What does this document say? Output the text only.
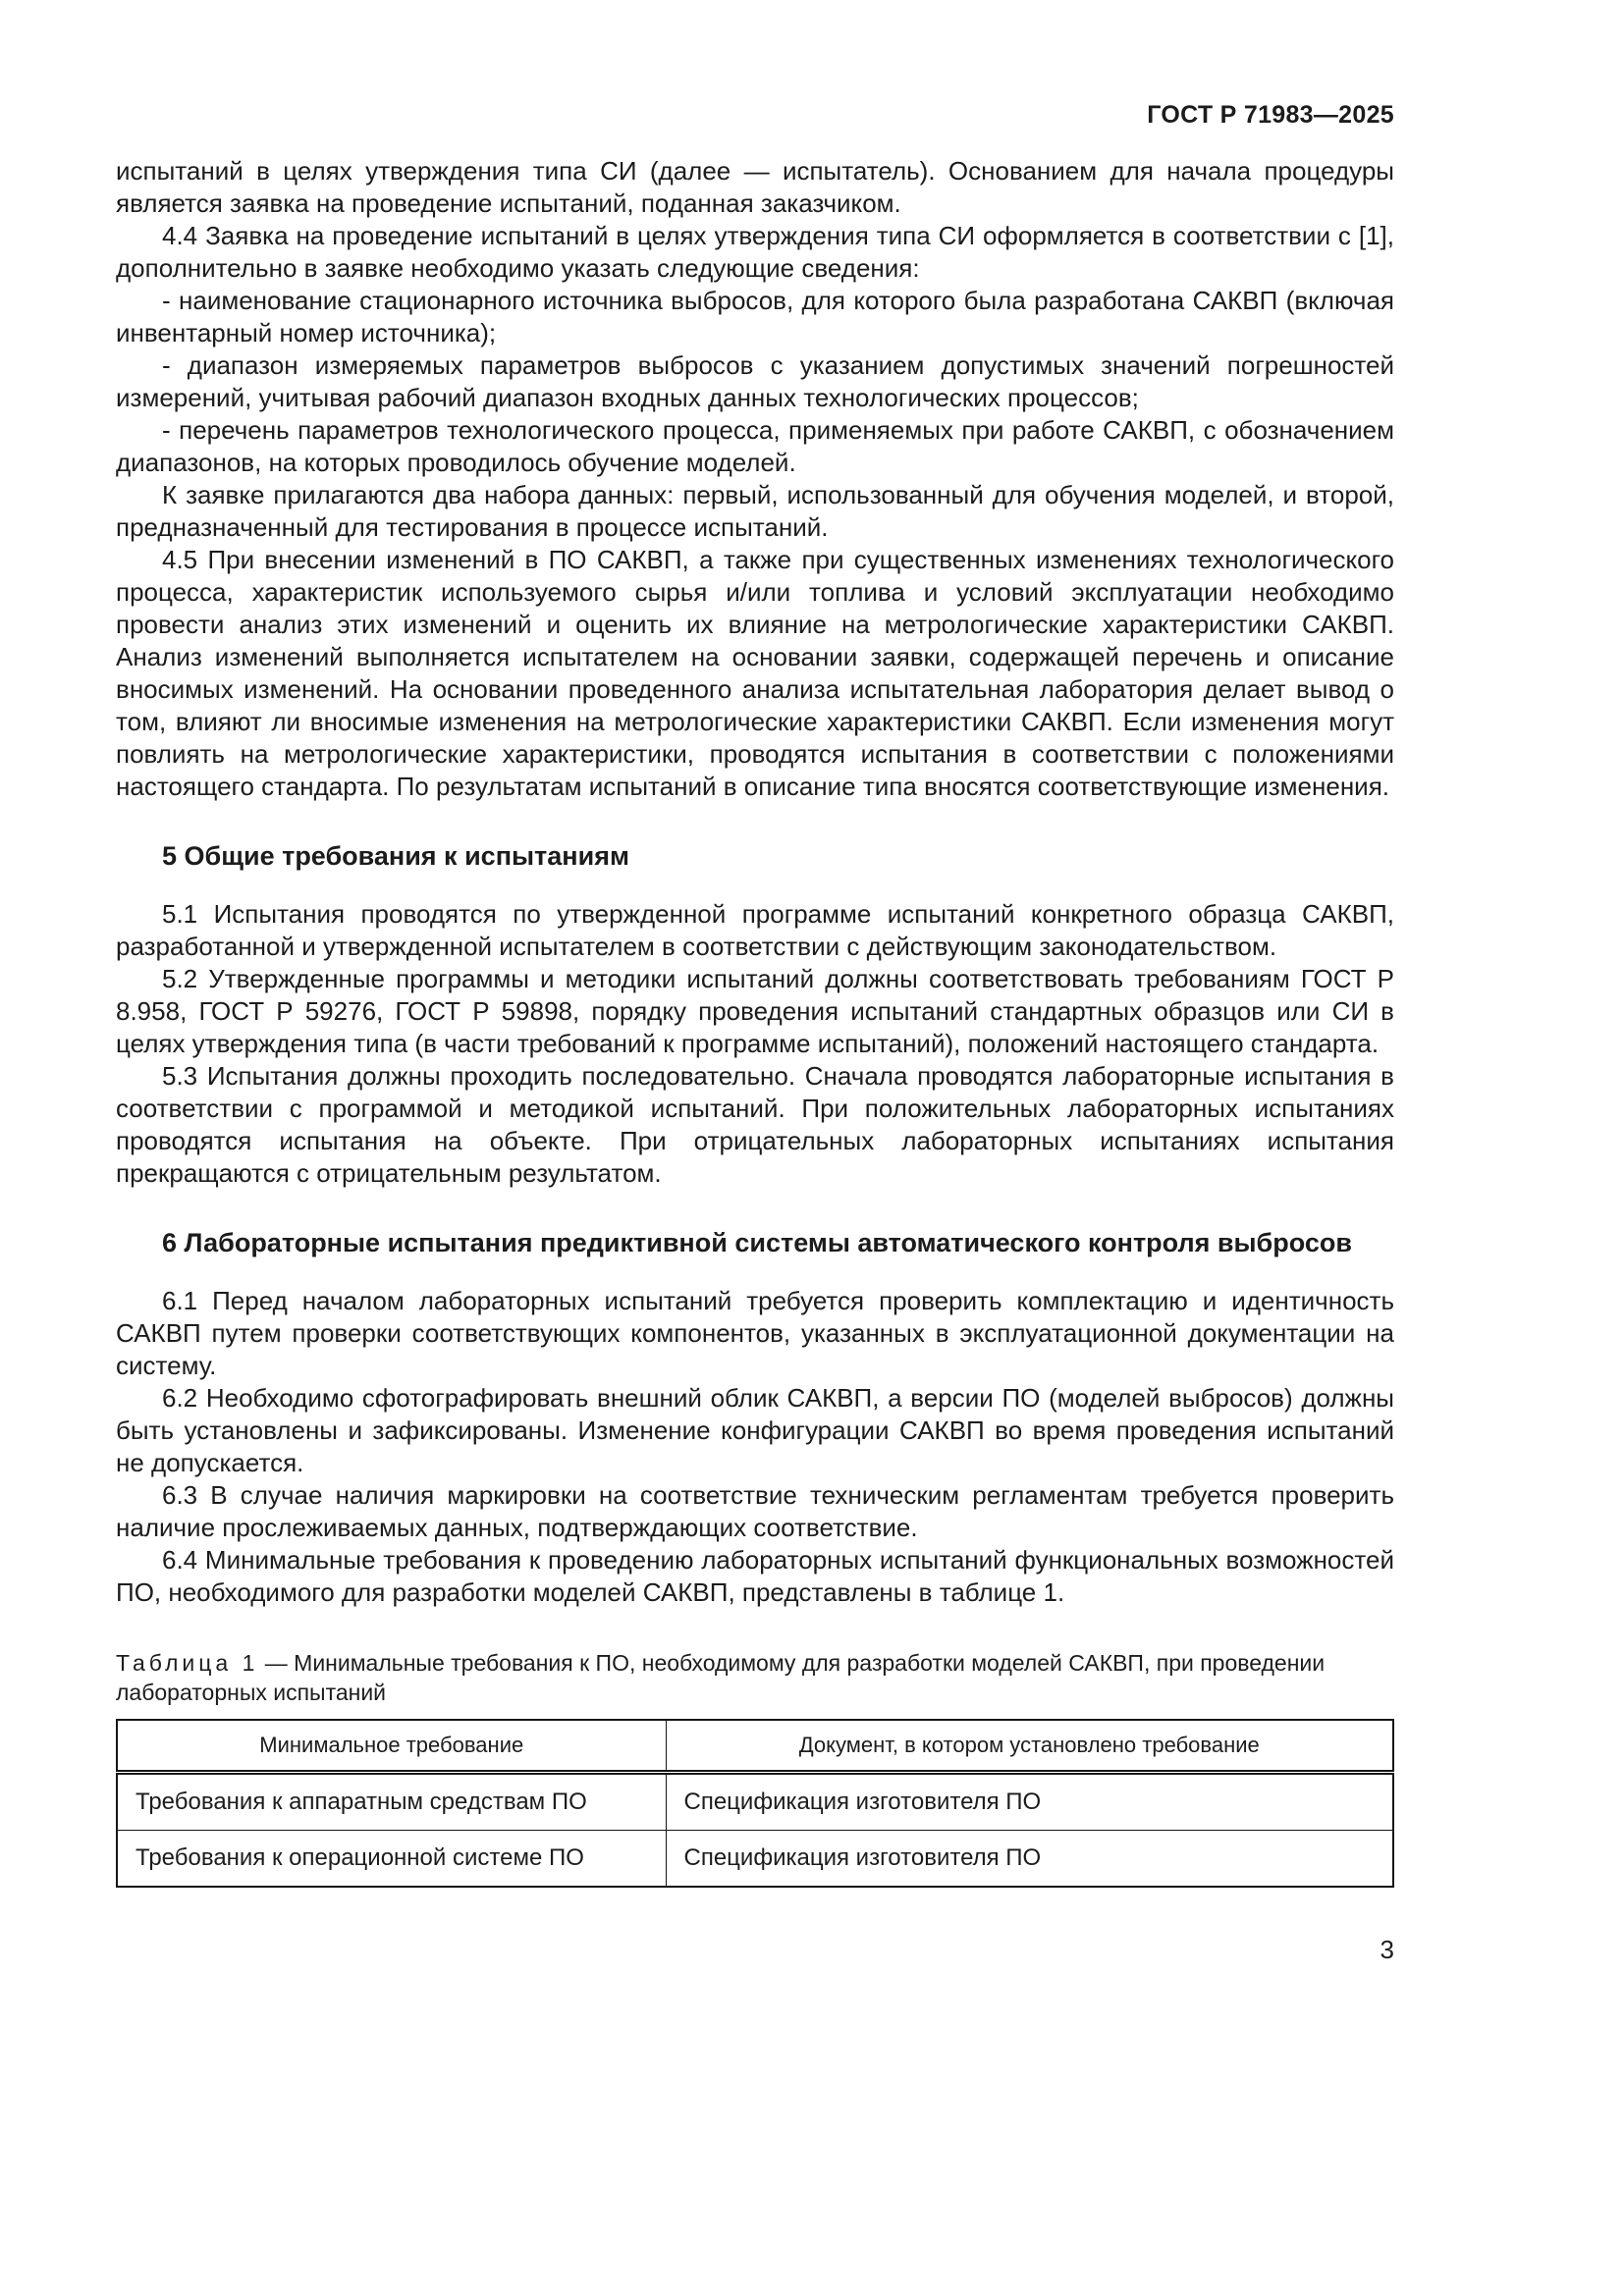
ГОСТ Р 71983—2025

испытаний в целях утверждения типа СИ (далее — испытатель). Основанием для начала процедуры является заявка на проведение испытаний, поданная заказчиком.

4.4 Заявка на проведение испытаний в целях утверждения типа СИ оформляется в соответствии с [1], дополнительно в заявке необходимо указать следующие сведения:

- наименование стационарного источника выбросов, для которого была разработана САКВП (включая инвентарный номер источника);

- диапазон измеряемых параметров выбросов с указанием допустимых значений погрешностей измерений, учитывая рабочий диапазон входных данных технологических процессов;

- перечень параметров технологического процесса, применяемых при работе САКВП, с обозначением диапазонов, на которых проводилось обучение моделей.

К заявке прилагаются два набора данных: первый, использованный для обучения моделей, и второй, предназначенный для тестирования в процессе испытаний.

4.5 При внесении изменений в ПО САКВП, а также при существенных изменениях технологического процесса, характеристик используемого сырья и/или топлива и условий эксплуатации необходимо провести анализ этих изменений и оценить их влияние на метрологические характеристики САКВП. Анализ изменений выполняется испытателем на основании заявки, содержащей перечень и описание вносимых изменений. На основании проведенного анализа испытательная лаборатория делает вывод о том, влияют ли вносимые изменения на метрологические характеристики САКВП. Если изменения могут повлиять на метрологические характеристики, проводятся испытания в соответствии с положениями настоящего стандарта. По результатам испытаний в описание типа вносятся соответствующие изменения.

5 Общие требования к испытаниям

5.1 Испытания проводятся по утвержденной программе испытаний конкретного образца САКВП, разработанной и утвержденной испытателем в соответствии с действующим законодательством.

5.2 Утвержденные программы и методики испытаний должны соответствовать требованиям ГОСТ Р 8.958, ГОСТ Р 59276, ГОСТ Р 59898, порядку проведения испытаний стандартных образцов или СИ в целях утверждения типа (в части требований к программе испытаний), положений настоящего стандарта.

5.3 Испытания должны проходить последовательно. Сначала проводятся лабораторные испытания в соответствии с программой и методикой испытаний. При положительных лабораторных испытаниях проводятся испытания на объекте. При отрицательных лабораторных испытаниях испытания прекращаются с отрицательным результатом.

6 Лабораторные испытания предиктивной системы автоматического контроля выбросов

6.1 Перед началом лабораторных испытаний требуется проверить комплектацию и идентичность САКВП путем проверки соответствующих компонентов, указанных в эксплуатационной документации на систему.

6.2 Необходимо сфотографировать внешний облик САКВП, а версии ПО (моделей выбросов) должны быть установлены и зафиксированы. Изменение конфигурации САКВП во время проведения испытаний не допускается.

6.3 В случае наличия маркировки на соответствие техническим регламентам требуется проверить наличие прослеживаемых данных, подтверждающих соответствие.

6.4 Минимальные требования к проведению лабораторных испытаний функциональных возможностей ПО, необходимого для разработки моделей САКВП, представлены в таблице 1.

Таблица 1 — Минимальные требования к ПО, необходимому для разработки моделей САКВП, при проведении лабораторных испытаний

Минимальное требование	Документ, в котором установлено требование
Требования к аппаратным средствам ПО	Спецификация изготовителя ПО
Требования к операционной системе ПО	Спецификация изготовителя ПО
3
